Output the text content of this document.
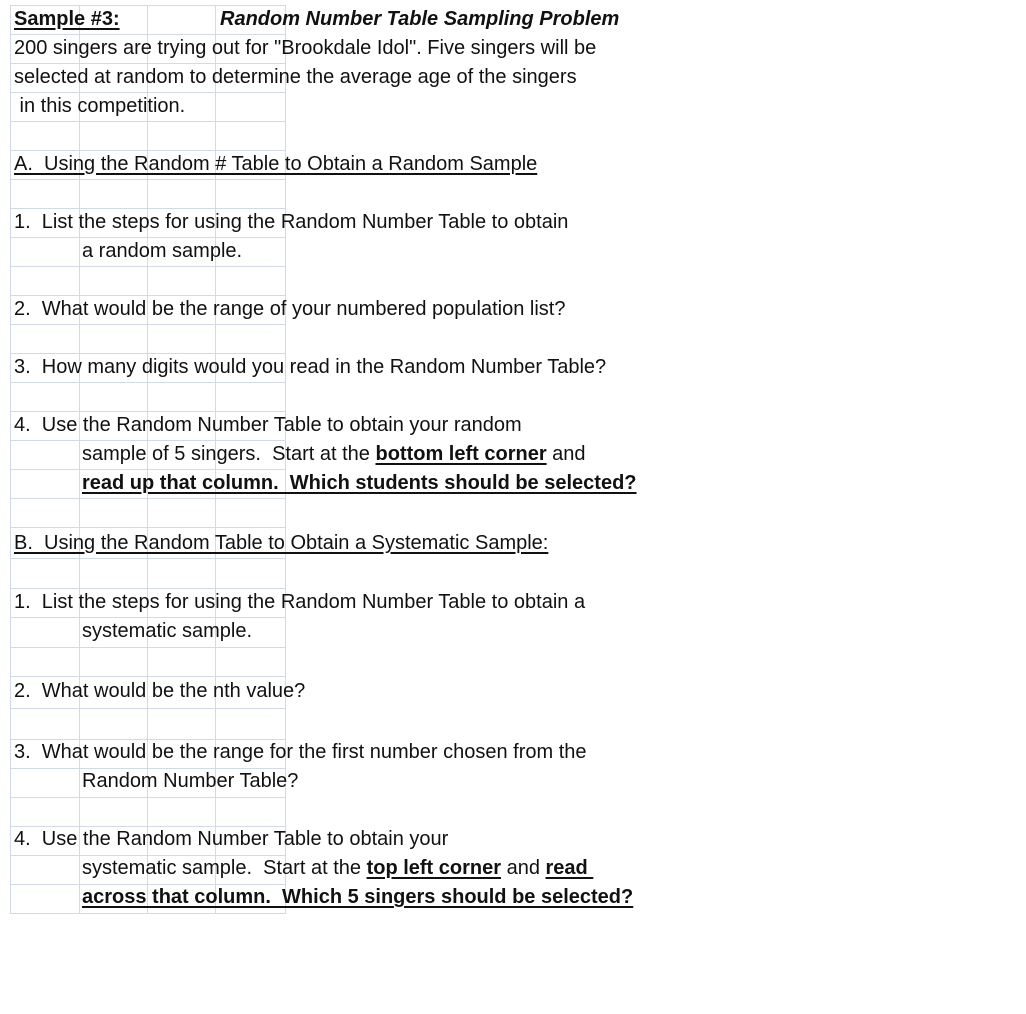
Sample #3:	Random Number Table Sampling Problem
200 singers are trying out for "Brookdale Idol". Five singers will be
selected at random to determine the average age of the singers
in this competition.
A.  Using the Random # Table to Obtain a Random Sample
1.  List the steps for using the Random Number Table to obtain
a random sample.
2.  What would be the range of your numbered population list?
3.  How many digits would you read in the Random Number Table?
4.  Use the Random Number Table to obtain your random
sample of 5 singers.  Start at the bottom left corner and
read up that column.  Which students should be selected?
B.  Using the Random Table to Obtain a Systematic Sample:
1.  List the steps for using the Random Number Table to obtain a
systematic sample.
2.  What would be the nth value?
3.  What would be the range for the first number chosen from the
Random Number Table?
4.  Use the Random Number Table to obtain your
systematic sample.  Start at the top left corner and read
across that column.  Which 5 singers should be selected?
